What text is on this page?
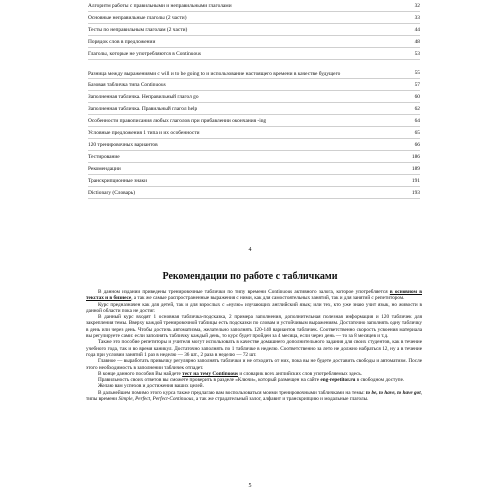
Алгоритм работы с правильными и неправильными глаголами	32
Основные неправильные глаголы (2 части)	33
Тесты по неправильным глаголам (2 части)	44
Порядок слов в предложении	48
Глаголы, которые не употребляются в Continuous	53
Разница между выражениями с will и to be going to и использование настоящего времени в качестве будущего	55
Базовая табличка типа Continuous	57
Заполненная табличка. Неправильный глагол go	60
Заполненная табличка. Правильный глагол help	62
Особенности правописания любых глаголов при прибавлении окончания -ing	64
Условные предложения 1 типа и их особенности	65
120 тренировочных вариантов	66
Тестирование	186
Рекомендации	189
Транскрипционные знаки	191
Dictionary (Словарь)	193
4
Рекомендации по работе с табличками

В данном издании приведены тренировочные таблички по типу времени Continuous активного залога, которое употребляется в основном в текстах и в бизнесе, а так же самые распространенные выражения с ними, как для самостоятельных занятий, так и для занятий с репетитором.

Курс предназначен как для детей, так и для взрослых с «нулю» изучающих английский язык; или тех, кто уже знаю учит язык, но живости в данной области пока не достиг.

В данный курс входят 1 основная табличка-подсказка, 2 примера заполнения, дополнительная полезная информация и 120 табличек для закрепления темы. Вверху каждой тренировочной таблицы есть подсказки по словам и устойчивым выражениям. Достаточно заполнять одну табличку в день или через день. Чтобы достичь автоматизма, желательно заполнять 120-140 вариантов табличек. Соответственно скорость усвоения материала вы регулируете сами: если заполнять табличку каждый день, то курс будет пройден за 4 месяца, если через день — то за 8 месяцев и т.д.

Также это пособие репетиторы и учителя могут использовать в качестве домашнего дополнительного задания для своих студентов, как в течение учебного года, так и во время каникул. Достаточно заполнять по 1 табличке в неделю. Соответственно за лето не должно набраться 12, ну а в течение года при условии занятий 1 раз в неделю — 36 шт., 2 раза в неделю — 72 шт.

Главное — выработать привычку регулярно заполнять таблички и не отходить от них, пока вы не будете доставить свободы и автоматизм. После этого необходимость в заполнении табличек отпадет.

В конце данного пособия Вы найдете тест на тему Continuous и словарик всех английских слов употребляемых здесь.

Правильность своих ответов вы сможете проверить в разделе «Ключи», который размещен на сайте eng-repetitor.ru в свободном доступе.

Желаю вам успехов и достижения ваших целей.

В дальнейшем помимо этого курса также предлагаю вам воспользоваться моими тренировочными табличками на темы: to be, to have, to have got, типы времени Simple, Perfect, Perfect-Continuous, а так же страдательный залог, алфавит и транскрипцию и модальные глаголы.

5
